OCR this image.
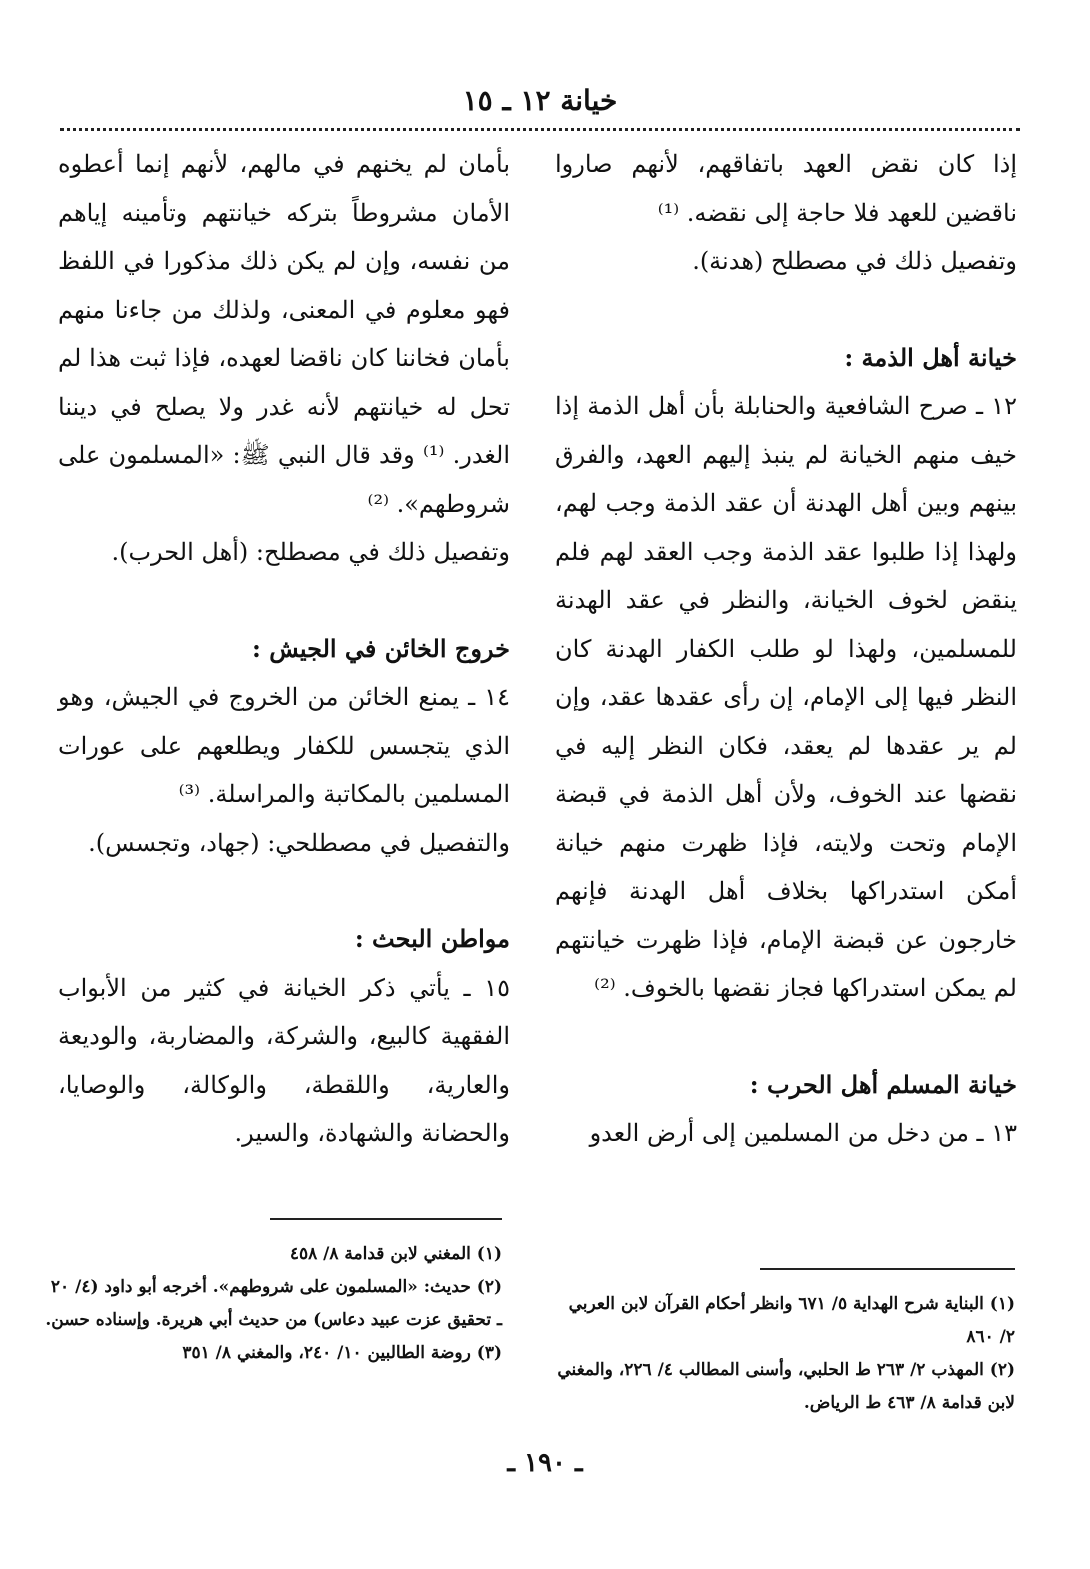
خيانة ١٢ ـ ١٥

إذا كان نقض العهد باتفاقهم، لأنهم صاروا ناقضين للعهد فلا حاجة إلى نقضه. ⁽¹⁾

وتفصيل ذلك في مصطلح (هدنة).

خيانة أهل الذمة :

١٢ ـ صرح الشافعية والحنابلة بأن أهل الذمة إذا خيف منهم الخيانة لم ينبذ إليهم العهد، والفرق بينهم وبين أهل الهدنة أن عقد الذمة وجب لهم، ولهذا إذا طلبوا عقد الذمة وجب العقد لهم فلم ينقض لخوف الخيانة، والنظر في عقد الهدنة للمسلمين، ولهذا لو طلب الكفار الهدنة كان النظر فيها إلى الإمام، إن رأى عقدها عقد، وإن لم ير عقدها لم يعقد، فكان النظر إليه في نقضها عند الخوف، ولأن أهل الذمة في قبضة الإمام وتحت ولايته، فإذا ظهرت منهم خيانة أمكن استدراكها بخلاف أهل الهدنة فإنهم خارجون عن قبضة الإمام، فإذا ظهرت خيانتهم لم يمكن استدراكها فجاز نقضها بالخوف. ⁽²⁾

خيانة المسلم أهل الحرب :

١٣ ـ من دخل من المسلمين إلى أرض العدو

بأمان لم يخنهم في مالهم، لأنهم إنما أعطوه الأمان مشروطاً بتركه خيانتهم وتأمينه إياهم من نفسه، وإن لم يكن ذلك مذكورا في اللفظ فهو معلوم في المعنى، ولذلك من جاءنا منهم بأمان فخاننا كان ناقضا لعهده، فإذا ثبت هذا لم تحل له خيانتهم لأنه غدر ولا يصلح في ديننا الغدر. ⁽¹⁾ وقد قال النبي ﷺ: «المسلمون على شروطهم». ⁽²⁾

وتفصيل ذلك في مصطلح: (أهل الحرب).

خروج الخائن في الجيش :

١٤ ـ يمنع الخائن من الخروج في الجيش، وهو الذي يتجسس للكفار ويطلعهم على عورات المسلمين بالمكاتبة والمراسلة. ⁽³⁾

والتفصيل في مصطلحي: (جهاد، وتجسس).

مواطن البحث :

١٥ ـ يأتي ذكر الخيانة في كثير من الأبواب الفقهية كالبيع، والشركة، والمضاربة، والوديعة والعارية، واللقطة، والوكالة، والوصايا، والحضانة والشهادة، والسير.

(١) البناية شرح الهداية ٥/ ٦٧١ وانظر أحكام القرآن لابن العربي ٢/ ٨٦٠

(٢) المهذب ٢/ ٢٦٣ ط الحلبي، وأسنى المطالب ٤/ ٢٢٦، والمغني لابن قدامة ٨/ ٤٦٣ ط الرياض.

(١) المغني لابن قدامة ٨/ ٤٥٨

(٢) حديث: «المسلمون على شروطهم». أخرجه أبو داود (٤/ ٢٠ ـ تحقيق عزت عبيد دعاس) من حديث أبي هريرة. وإسناده حسن.

(٣) روضة الطالبين ١٠/ ٢٤٠، والمغني ٨/ ٣٥١

ـ ١٩٠ ـ
